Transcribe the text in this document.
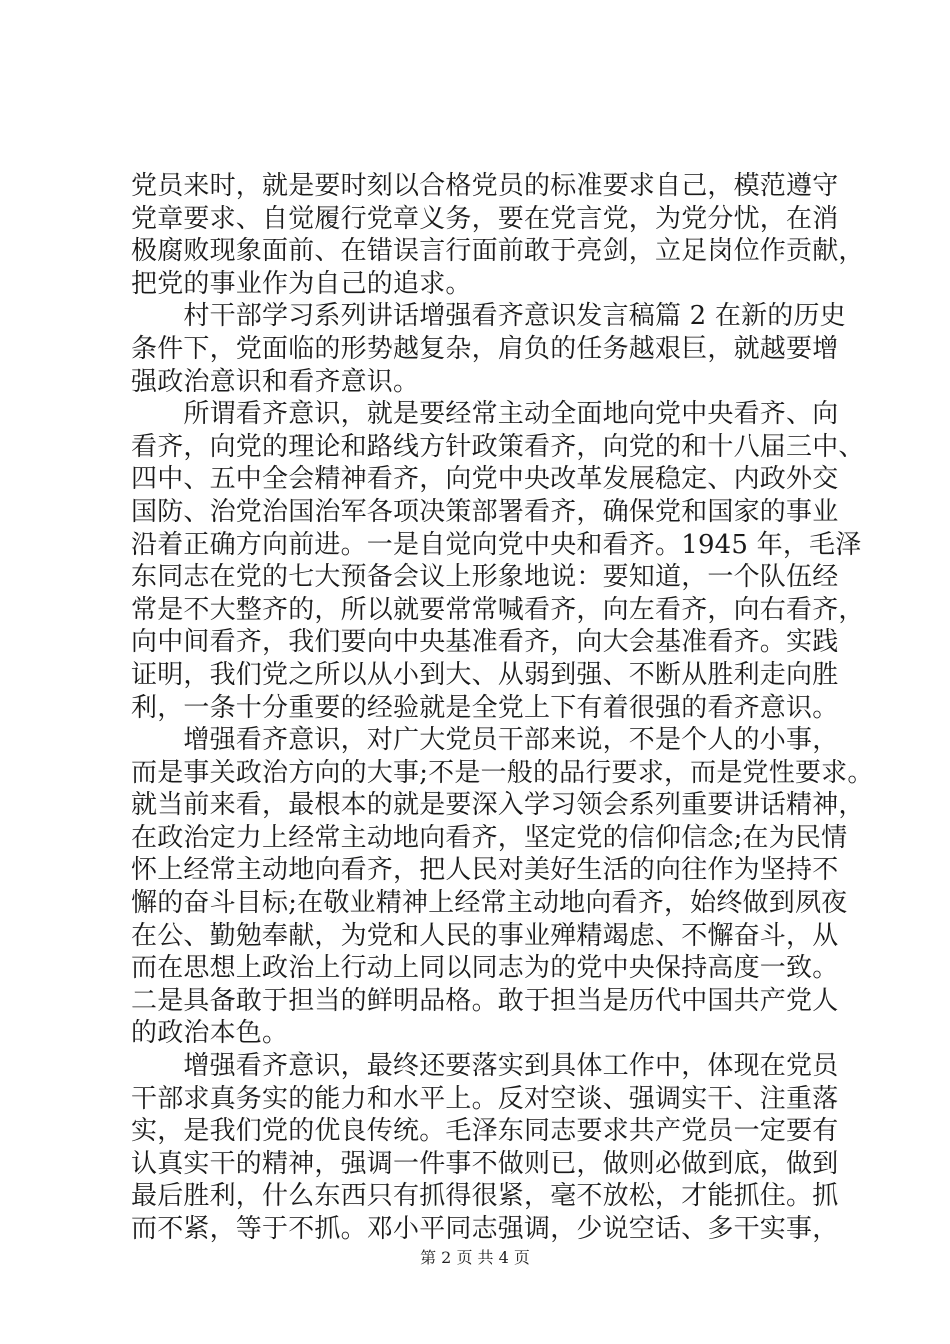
党员来时，就是要时刻以合格党员的标准要求自己，模范遵守
党章要求、自觉履行党章义务，要在党言党，为党分忧，在消
极腐败现象面前、在错误言行面前敢于亮剑，立足岗位作贡献，
把党的事业作为自己的追求。

　　村干部学习系列讲话增强看齐意识发言稿篇 2 在新的历史
条件下，党面临的形势越复杂，肩负的任务越艰巨，就越要增
强政治意识和看齐意识。

　　所谓看齐意识，就是要经常主动全面地向党中央看齐、向
看齐，向党的理论和路线方针政策看齐，向党的和十八届三中、
四中、五中全会精神看齐，向党中央改革发展稳定、内政外交
国防、治党治国治军各项决策部署看齐，确保党和国家的事业
沿着正确方向前进。一是自觉向党中央和看齐。1945 年，毛泽
东同志在党的七大预备会议上形象地说：要知道，一个队伍经
常是不大整齐的，所以就要常常喊看齐，向左看齐，向右看齐，
向中间看齐，我们要向中央基准看齐，向大会基准看齐。实践
证明，我们党之所以从小到大、从弱到强、不断从胜利走向胜
利，一条十分重要的经验就是全党上下有着很强的看齐意识。

　　增强看齐意识，对广大党员干部来说，不是个人的小事，
而是事关政治方向的大事;不是一般的品行要求，而是党性要求。
就当前来看，最根本的就是要深入学习领会系列重要讲话精神，
在政治定力上经常主动地向看齐，坚定党的信仰信念;在为民情
怀上经常主动地向看齐，把人民对美好生活的向往作为坚持不
懈的奋斗目标;在敬业精神上经常主动地向看齐，始终做到夙夜
在公、勤勉奉献，为党和人民的事业殚精竭虑、不懈奋斗，从
而在思想上政治上行动上同以同志为的党中央保持高度一致。
二是具备敢于担当的鲜明品格。敢于担当是历代中国共产党人
的政治本色。

　　增强看齐意识，最终还要落实到具体工作中，体现在党员
干部求真务实的能力和水平上。反对空谈、强调实干、注重落
实，是我们党的优良传统。毛泽东同志要求共产党员一定要有
认真实干的精神，强调一件事不做则已，做则必做到底，做到
最后胜利，什么东西只有抓得很紧，毫不放松，才能抓住。抓
而不紧，等于不抓。邓小平同志强调，少说空话、多干实事，

第 2 页 共 4 页
